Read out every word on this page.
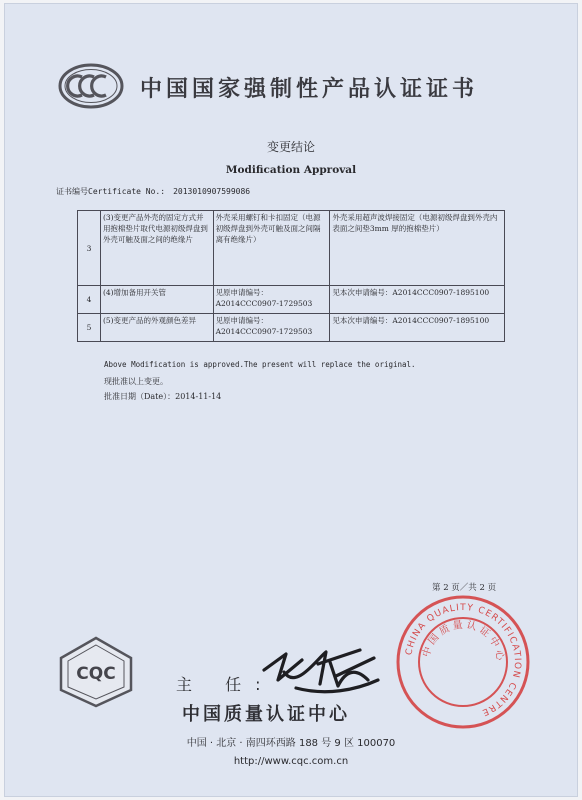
中国国家强制性产品认证证书
变更结论
Modification Approval
证书编号Certificate No.: 2013010907599086
3	(3)变更产品外壳的固定方式并用抱棉垫片取代电源初级焊盘到外壳可触及面之间的绝缘片	外壳采用螺钉和卡扣固定（电源初级焊盘到外壳可触及面之间隔离有绝缘片）	外壳采用超声波焊接固定（电源初级焊盘到外壳内表面之间垫3mm 厚的抱棉垫片）
4	(4)增加备用开关管	见原申请编号：A2014CCC0907-1729503	见本次申请编号：A2014CCC0907-1895100
5	(5)变更产品的外观颜色差异	见原申请编号：A2014CCC0907-1729503	见本次申请编号：A2014CCC0907-1895100
Above Modification is approved.The present will replace the original.
现批准以上变更。
批准日期（Date）：2014-11-14
第 2 页／共 2 页
CQC
主 任:
中国质量认证中心
中国 · 北京 · 南四环西路 188 号 9 区 100070
http://www.cqc.com.cn
CHINA QUALITY CERTIFICATION CENTRE
中国质量认证中心
